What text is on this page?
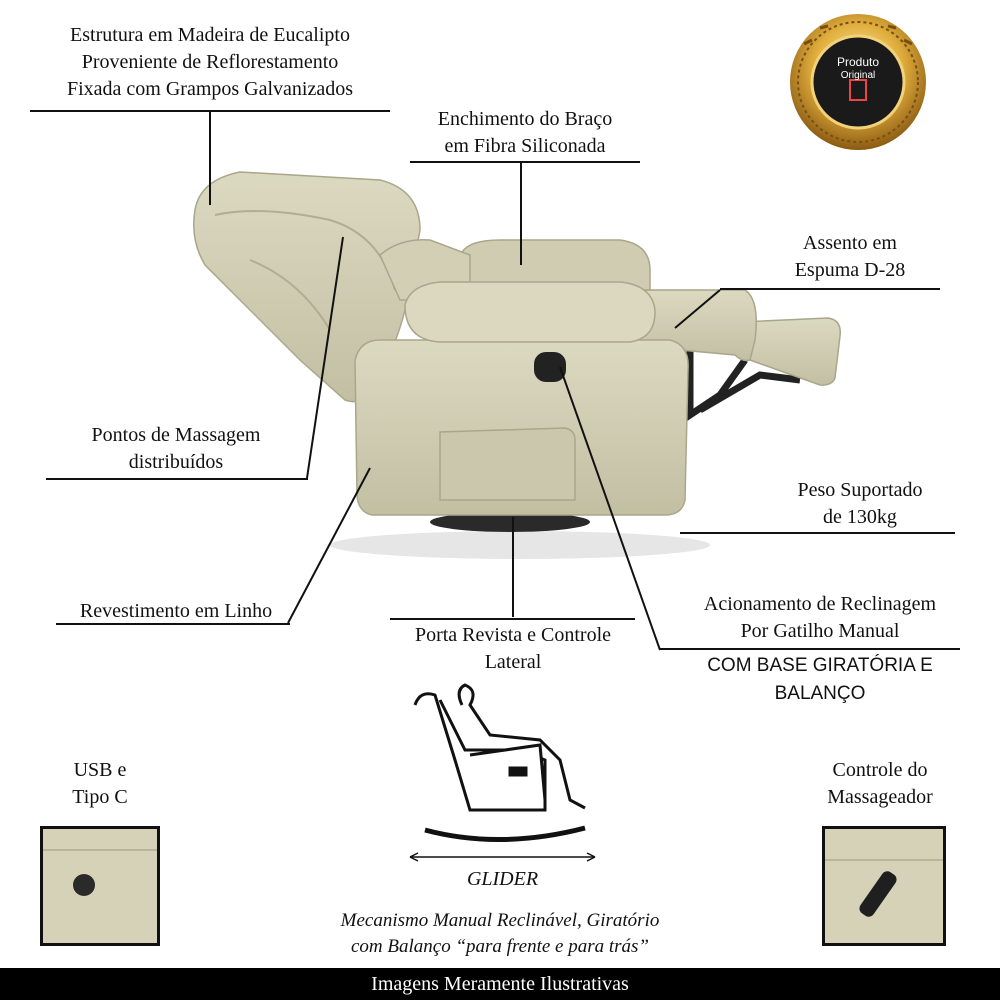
Estrutura em Madeira de Eucalipto
Proveniente de Reflorestamento
Fixada com Grampos Galvanizados
Enchimento do Braço
em Fibra Siliconada
Assento em
Espuma D-28
Pontos de Massagem
distribuídos
Peso Suportado
de 130kg
Revestimento em Linho
Porta Revista e Controle
Lateral
Acionamento de Reclinagem
Por Gatilho Manual
COM BASE GIRATÓRIA E
BALANÇO
USB e
Tipo C
Controle do
Massageador
Produto
Original
GLIDER
Mecanismo Manual Reclinável, Giratório
com Balanço “para frente e para trás”
Imagens Meramente Ilustrativas
